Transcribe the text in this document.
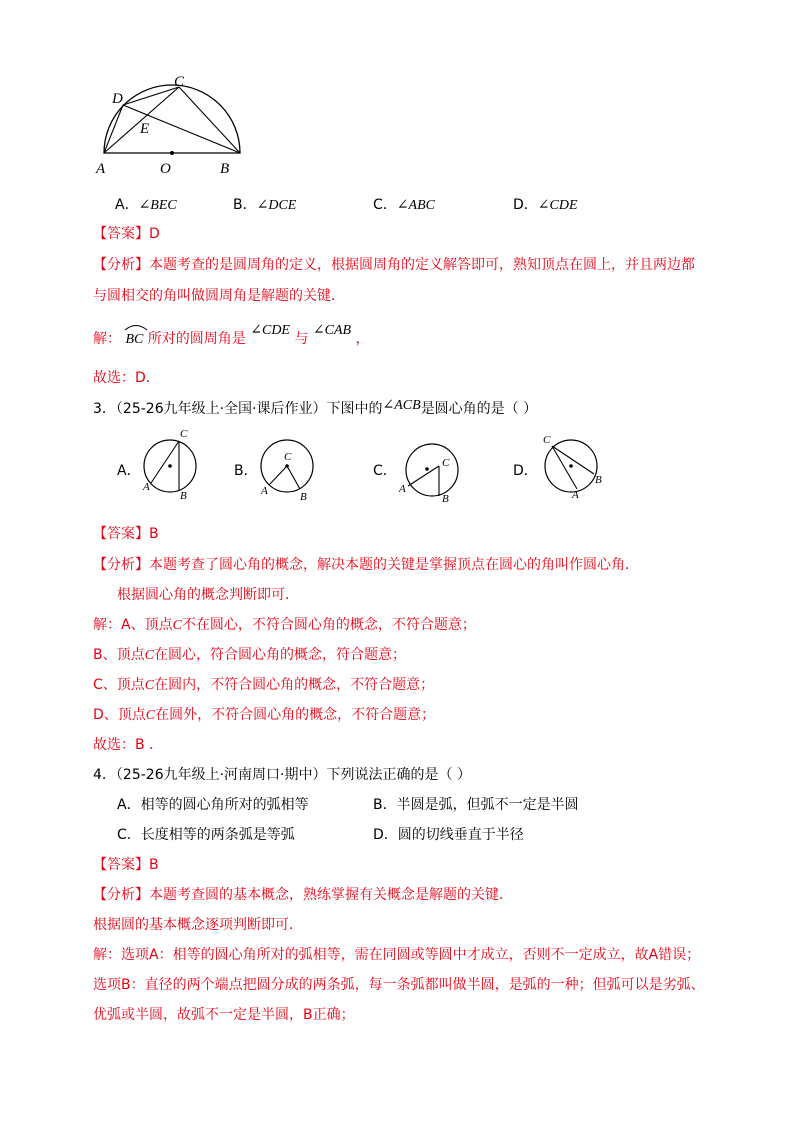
A	O	B
C
D
E
A．∠BEC	B．∠DCE	C．∠ABC	D．∠CDE
【答案】D
【分析】本题考查的是圆周角的定义，根据圆周角的定义解答即可，熟知顶点在圆上，并且两边都
与圆相交的角叫做圆周角是解题的关键．
解： BC 所对的圆周角是 ∠CDE 与 ∠CAB ，
故选：D．
3．（25-26九年级上·全国·课后作业）下图中的∠ACB是圆心角的是（ ）
A．
C
A
B
B．
C
A	B
C．	C
A
B
D．
C
A
B
【答案】B
【分析】本题考查了圆心角的概念，解决本题的关键是掌握顶点在圆心的角叫作圆心角．
根据圆心角的概念判断即可．
解：A、顶点C不在圆心，不符合圆心角的概念，不符合题意；
B、顶点C在圆心，符合圆心角的概念，符合题意；
C、顶点C在圆内，不符合圆心角的概念，不符合题意；
D、顶点C在圆外，不符合圆心角的概念，不符合题意；
故选：B ．
4．（25-26九年级上·河南周口·期中）下列说法正确的是（ ）
A．相等的圆心角所对的弧相等	B．半圆是弧，但弧不一定是半圆
C．长度相等的两条弧是等弧	D．圆的切线垂直于半径
【答案】B
【分析】本题考查圆的基本概念，熟练掌握有关概念是解题的关键．
根据圆的基本概念逐项判断即可．
解：选项A：相等的圆心角所对的弧相等，需在同圆或等圆中才成立，否则不一定成立，故A错误；
选项B：直径的两个端点把圆分成的两条弧，每一条弧都叫做半圆，是弧的一种；但弧可以是劣弧、
优弧或半圆，故弧不一定是半圆，B正确；
